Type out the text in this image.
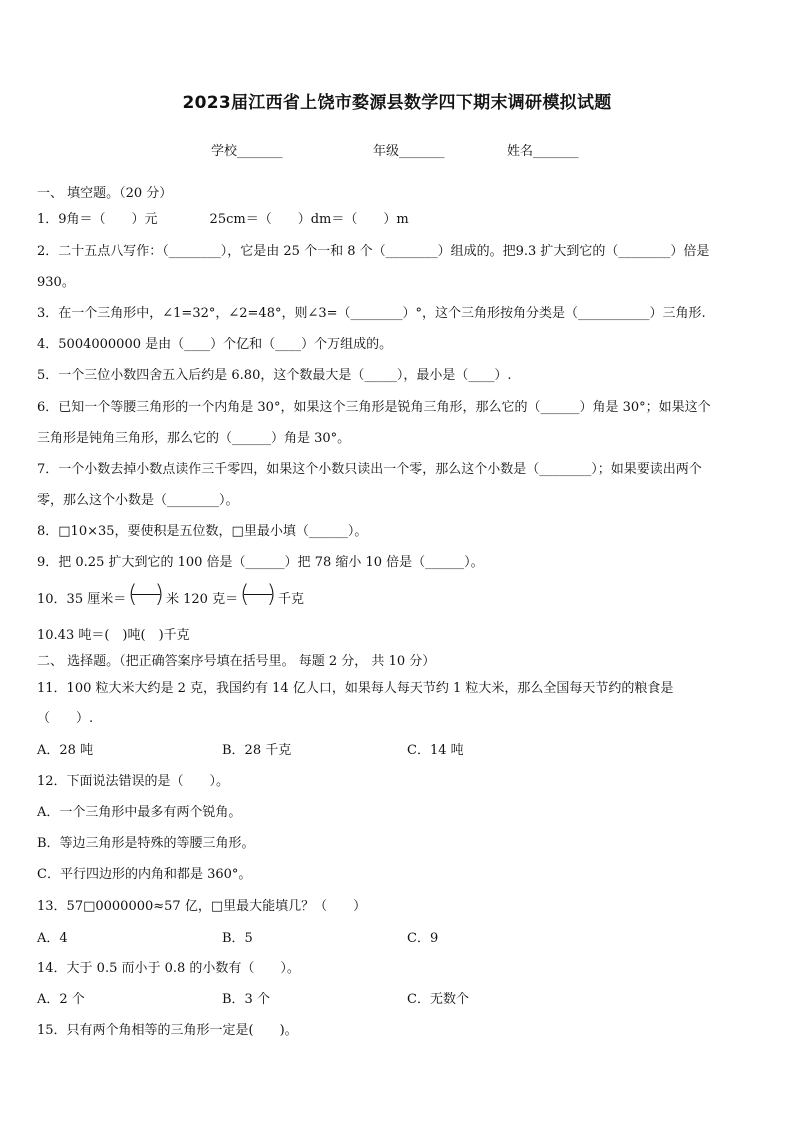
2023届江西省上饶市婺源县数学四下期末调研模拟试题
学校_______	年级_______	姓名_______
一、 填空题。（20 分）
1．9角＝（　　）元　　　　25cm＝（　　）dm＝（　　）m
2．二十五点八写作：（________），它是由 25 个一和 8 个（________）组成的。把9.3 扩大到它的（________）倍是
930。
3．在一个三角形中，∠1=32°，∠2=48°，则∠3=（________）°，这个三角形按角分类是（___________）三角形.
4．5004000000 是由（____）个亿和（____）个万组成的。
5．一个三位小数四舍五入后约是 6.80，这个数最大是（_____），最小是（____）.
6．已知一个等腰三角形的一个内角是 30°，如果这个三角形是锐角三角形，那么它的（______）角是 30°；如果这个
三角形是钝角三角形，那么它的（______）角是 30°。
7．一个小数去掉小数点读作三千零四，如果这个小数只读出一个零，那么这个小数是（________）；如果要读出两个
零，那么这个小数是（________）。
8．□10×35，要使积是五位数，□里最小填（______）。
9．把 0.25 扩大到它的 100 倍是（______）把 78 缩小 10 倍是（______）。
10．35 厘米＝ ( ) 米 120 克＝ ( ) 千克
10.43 吨＝(　)吨(　)千克
二、 选择题。（把正确答案序号填在括号里。 每题 2 分， 共 10 分）
11．100 粒大米大约是 2 克，我国约有 14 亿人口，如果每人每天节约 1 粒大米，那么全国每天节约的粮食是
（　　）.
A．28 吨	B．28 千克	C．14 吨
12．下面说法错误的是（　　）。
A．一个三角形中最多有两个锐角。
B．等边三角形是特殊的等腰三角形。
C．平行四边形的内角和都是 360°。
13．57□0000000≈57 亿，□里最大能填几？（　　）
A．4	B．5	C．9
14．大于 0.5 而小于 0.8 的小数有（　　）。
A．2 个	B．3 个	C．无数个
15．只有两个角相等的三角形一定是(　　)。
